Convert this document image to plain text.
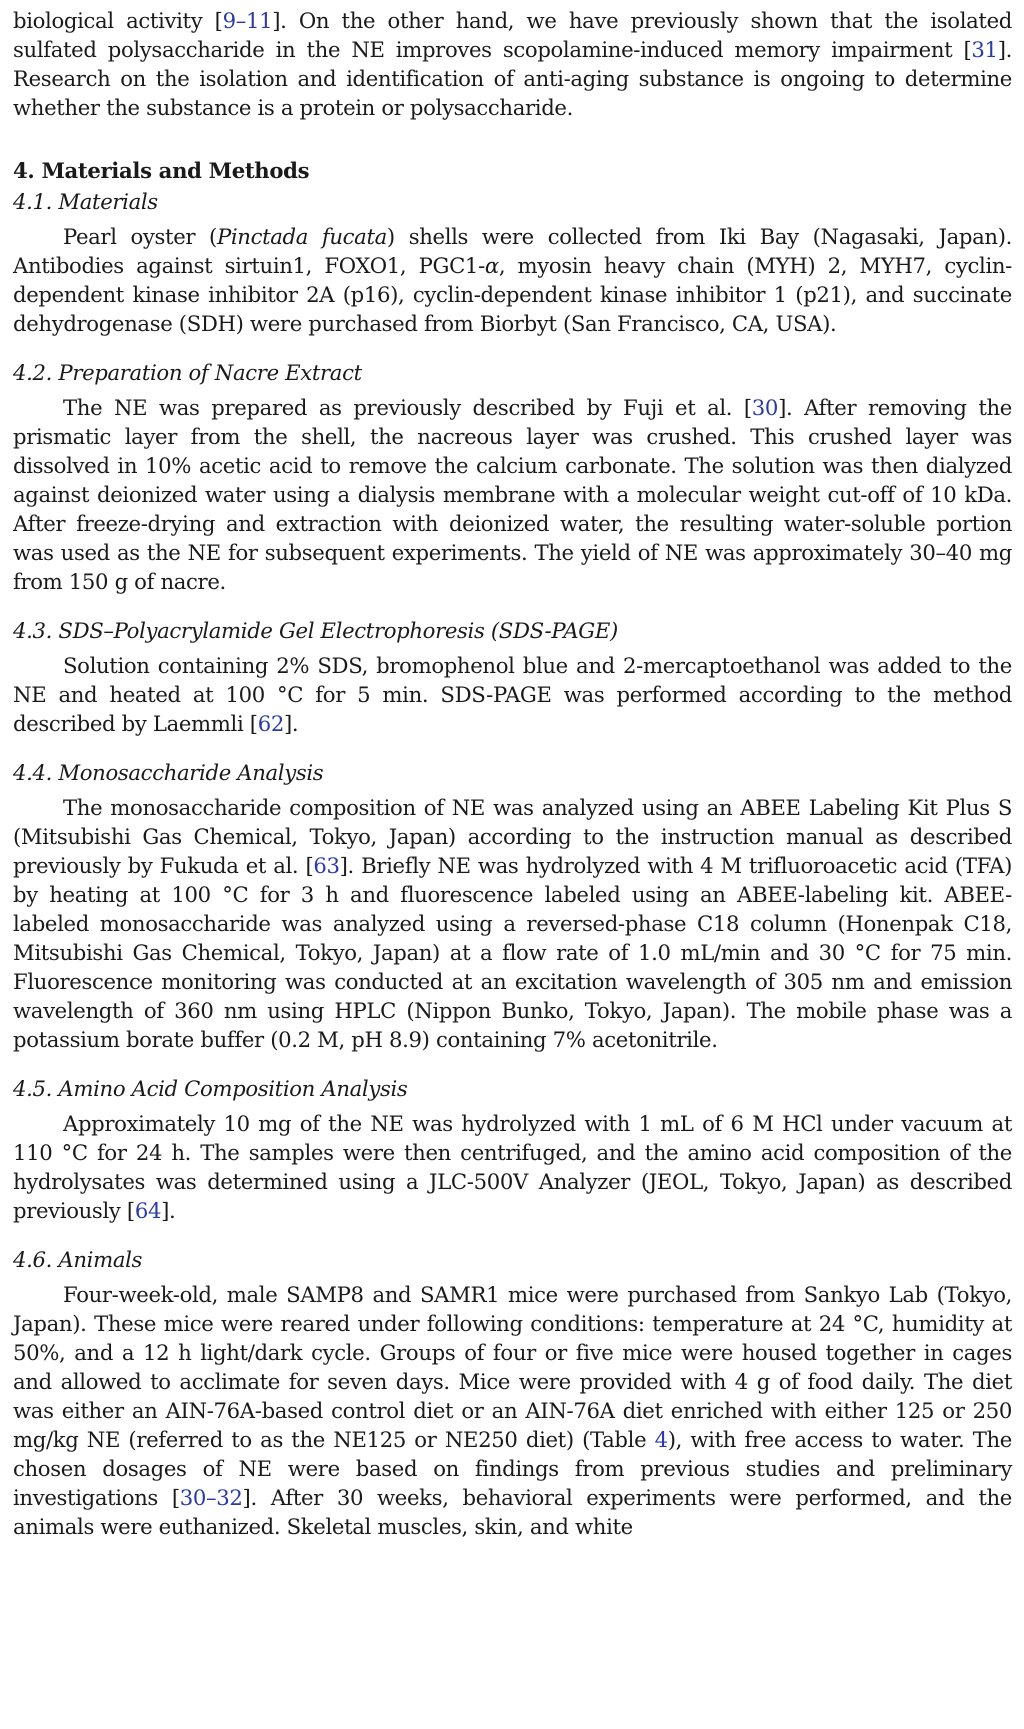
biological activity [9–11]. On the other hand, we have previously shown that the isolated sulfated polysaccharide in the NE improves scopolamine-induced memory impairment [31]. Research on the isolation and identification of anti-aging substance is ongoing to determine whether the substance is a protein or polysaccharide.

4. Materials and Methods
4.1. Materials

Pearl oyster (Pinctada fucata) shells were collected from Iki Bay (Nagasaki, Japan). Antibodies against sirtuin1, FOXO1, PGC1-α, myosin heavy chain (MYH) 2, MYH7, cyclin-dependent kinase inhibitor 2A (p16), cyclin-dependent kinase inhibitor 1 (p21), and succinate dehydrogenase (SDH) were purchased from Biorbyt (San Francisco, CA, USA).

4.2. Preparation of Nacre Extract

The NE was prepared as previously described by Fuji et al. [30]. After removing the prismatic layer from the shell, the nacreous layer was crushed. This crushed layer was dissolved in 10% acetic acid to remove the calcium carbonate. The solution was then dialyzed against deionized water using a dialysis membrane with a molecular weight cut-off of 10 kDa. After freeze-drying and extraction with deionized water, the resulting water-soluble portion was used as the NE for subsequent experiments. The yield of NE was approximately 30–40 mg from 150 g of nacre.

4.3. SDS–Polyacrylamide Gel Electrophoresis (SDS-PAGE)

Solution containing 2% SDS, bromophenol blue and 2-mercaptoethanol was added to the NE and heated at 100 °C for 5 min. SDS-PAGE was performed according to the method described by Laemmli [62].

4.4. Monosaccharide Analysis

The monosaccharide composition of NE was analyzed using an ABEE Labeling Kit Plus S (Mitsubishi Gas Chemical, Tokyo, Japan) according to the instruction manual as described previously by Fukuda et al. [63]. Briefly NE was hydrolyzed with 4 M trifluoroacetic acid (TFA) by heating at 100 °C for 3 h and fluorescence labeled using an ABEE-labeling kit. ABEE-labeled monosaccharide was analyzed using a reversed-phase C18 column (Honenpak C18, Mitsubishi Gas Chemical, Tokyo, Japan) at a flow rate of 1.0 mL/min and 30 °C for 75 min. Fluorescence monitoring was conducted at an excitation wavelength of 305 nm and emission wavelength of 360 nm using HPLC (Nippon Bunko, Tokyo, Japan). The mobile phase was a potassium borate buffer (0.2 M, pH 8.9) containing 7% acetonitrile.

4.5. Amino Acid Composition Analysis

Approximately 10 mg of the NE was hydrolyzed with 1 mL of 6 M HCl under vacuum at 110 °C for 24 h. The samples were then centrifuged, and the amino acid composition of the hydrolysates was determined using a JLC-500V Analyzer (JEOL, Tokyo, Japan) as described previously [64].

4.6. Animals

Four-week-old, male SAMP8 and SAMR1 mice were purchased from Sankyo Lab (Tokyo, Japan). These mice were reared under following conditions: temperature at 24 °C, humidity at 50%, and a 12 h light/dark cycle. Groups of four or five mice were housed together in cages and allowed to acclimate for seven days. Mice were provided with 4 g of food daily. The diet was either an AIN-76A-based control diet or an AIN-76A diet enriched with either 125 or 250 mg/kg NE (referred to as the NE125 or NE250 diet) (Table 4), with free access to water. The chosen dosages of NE were based on findings from previous studies and preliminary investigations [30–32]. After 30 weeks, behavioral experiments were performed, and the animals were euthanized. Skeletal muscles, skin, and white
